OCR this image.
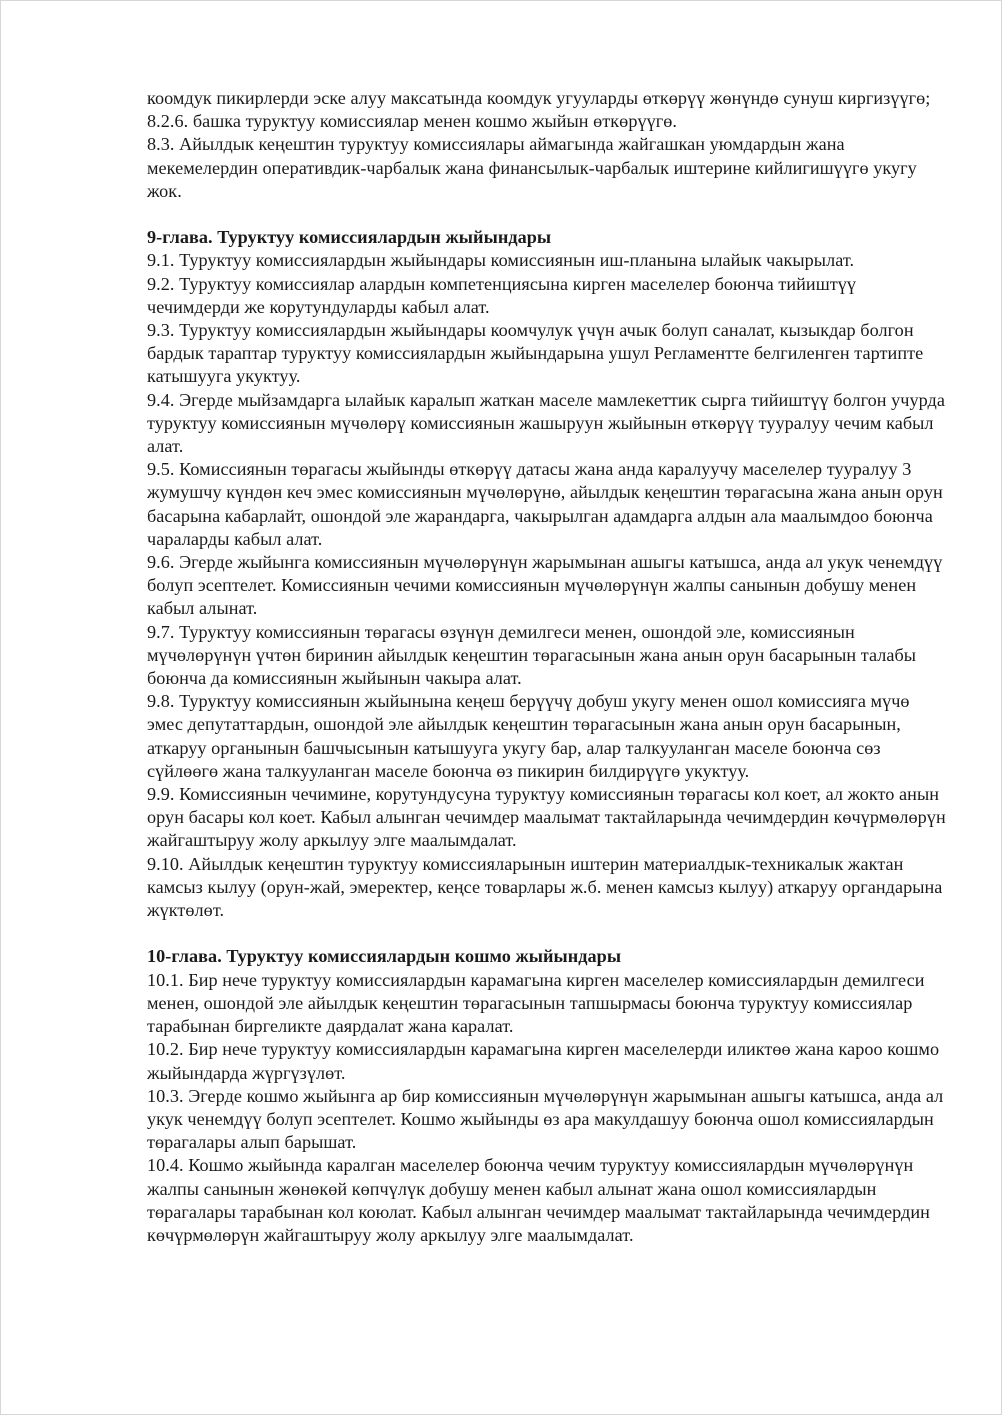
коомдук пикирлерди эске алуу максатында коомдук угууларды өткөрүү жөнүндө сунуш киргизүүгө;

8.2.6. башка туруктуу комиссиялар менен кошмо жыйын өткөрүүгө.

8.3. Айылдык кеңештин туруктуу комиссиялары аймагында жайгашкан уюмдардын жана мекемелердин оперативдик-чарбалык жана финансылык-чарбалык иштерине кийлигишүүгө укугу жок.

9-глава. Туруктуу комиссиялардын жыйындары

9.1. Туруктуу комиссиялардын жыйындары комиссиянын иш-планына ылайык чакырылат.

9.2. Туруктуу комиссиялар алардын компетенциясына кирген маселелер боюнча тийиштүү чечимдерди же корутундуларды кабыл алат.

9.3. Туруктуу комиссиялардын жыйындары коомчулук үчүн ачык болуп саналат, кызыкдар болгон бардык тараптар туруктуу комиссиялардын жыйындарына ушул Регламентте белгиленген тартипте катышууга укуктуу.

9.4. Эгерде мыйзамдарга ылайык каралып жаткан маселе мамлекеттик сырга тийиштүү болгон учурда туруктуу комиссиянын мүчөлөрү комиссиянын жашыруун жыйынын өткөрүү тууралуу чечим кабыл алат.

9.5. Комиссиянын төрагасы жыйынды өткөрүү датасы жана анда каралуучу маселелер тууралуу 3 жумушчу күндөн кеч эмес комиссиянын мүчөлөрүнө, айылдык кеңештин төрагасына жана анын орун басарына кабарлайт, ошондой эле жарандарга, чакырылган адамдарга алдын ала маалымдоо боюнча чараларды кабыл алат.

9.6. Эгерде жыйынга комиссиянын мүчөлөрүнүн жарымынан ашыгы катышса, анда ал укук ченемдүү болуп эсептелет. Комиссиянын чечими комиссиянын мүчөлөрүнүн жалпы санынын добушу менен кабыл алынат.

9.7. Туруктуу комиссиянын төрагасы өзүнүн демилгеси менен, ошондой эле, комиссиянын мүчөлөрүнүн үчтөн биринин айылдык кеңештин төрагасынын жана анын орун басарынын талабы боюнча да комиссиянын жыйынын чакыра алат.

9.8. Туруктуу комиссиянын жыйынына кеңеш берүүчү добуш укугу менен ошол комиссияга мүчө эмес депутаттардын, ошондой эле айылдык кеңештин төрагасынын жана анын орун басарынын, аткаруу органынын башчысынын катышууга укугу бар, алар талкууланган маселе боюнча сөз сүйлөөгө жана талкууланган маселе боюнча өз пикирин билдирүүгө укуктуу.

9.9. Комиссиянын чечимине, корутундусуна туруктуу комиссиянын төрагасы кол коет, ал жокто анын орун басары кол коет. Кабыл алынган чечимдер маалымат тактайларында чечимдердин көчүрмөлөрүн жайгаштыруу жолу аркылуу элге маалымдалат.

9.10. Айылдык кеңештин туруктуу комиссияларынын иштерин материалдык-техникалык жактан камсыз кылуу (орун-жай, эмеректер, кеңсе товарлары ж.б. менен камсыз кылуу) аткаруу органдарына жүктөлөт.

10-глава. Туруктуу комиссиялардын кошмо жыйындары

10.1. Бир нече туруктуу комиссиялардын карамагына кирген маселелер комиссиялардын демилгеси менен, ошондой эле айылдык кеңештин төрагасынын тапшырмасы боюнча туруктуу комиссиялар тарабынан биргеликте даярдалат жана каралат.

10.2. Бир нече туруктуу комиссиялардын карамагына кирген маселелерди иликтөө жана карoo кошмо жыйындарда жүргүзүлөт.

10.3. Эгерде кошмо жыйынга ар бир комиссиянын мүчөлөрүнүн жарымынан ашыгы катышса, анда ал укук ченемдүү болуп эсептелет. Кошмо жыйынды өз ара макулдашуу боюнча ошол комиссиялардын төрагалары алып барышат.

10.4. Кошмо жыйында каралган маселелер боюнча чечим туруктуу комиссиялардын мүчөлөрүнүн жалпы санынын жөнөкөй көпчүлүк добушу менен кабыл алынат жана ошол комиссиялардын төрагалары тарабынан кол коюлат. Кабыл алынган чечимдер маалымат тактайларында чечимдердин көчүрмөлөрүн жайгаштыруу жолу аркылуу элге маалымдалат.
